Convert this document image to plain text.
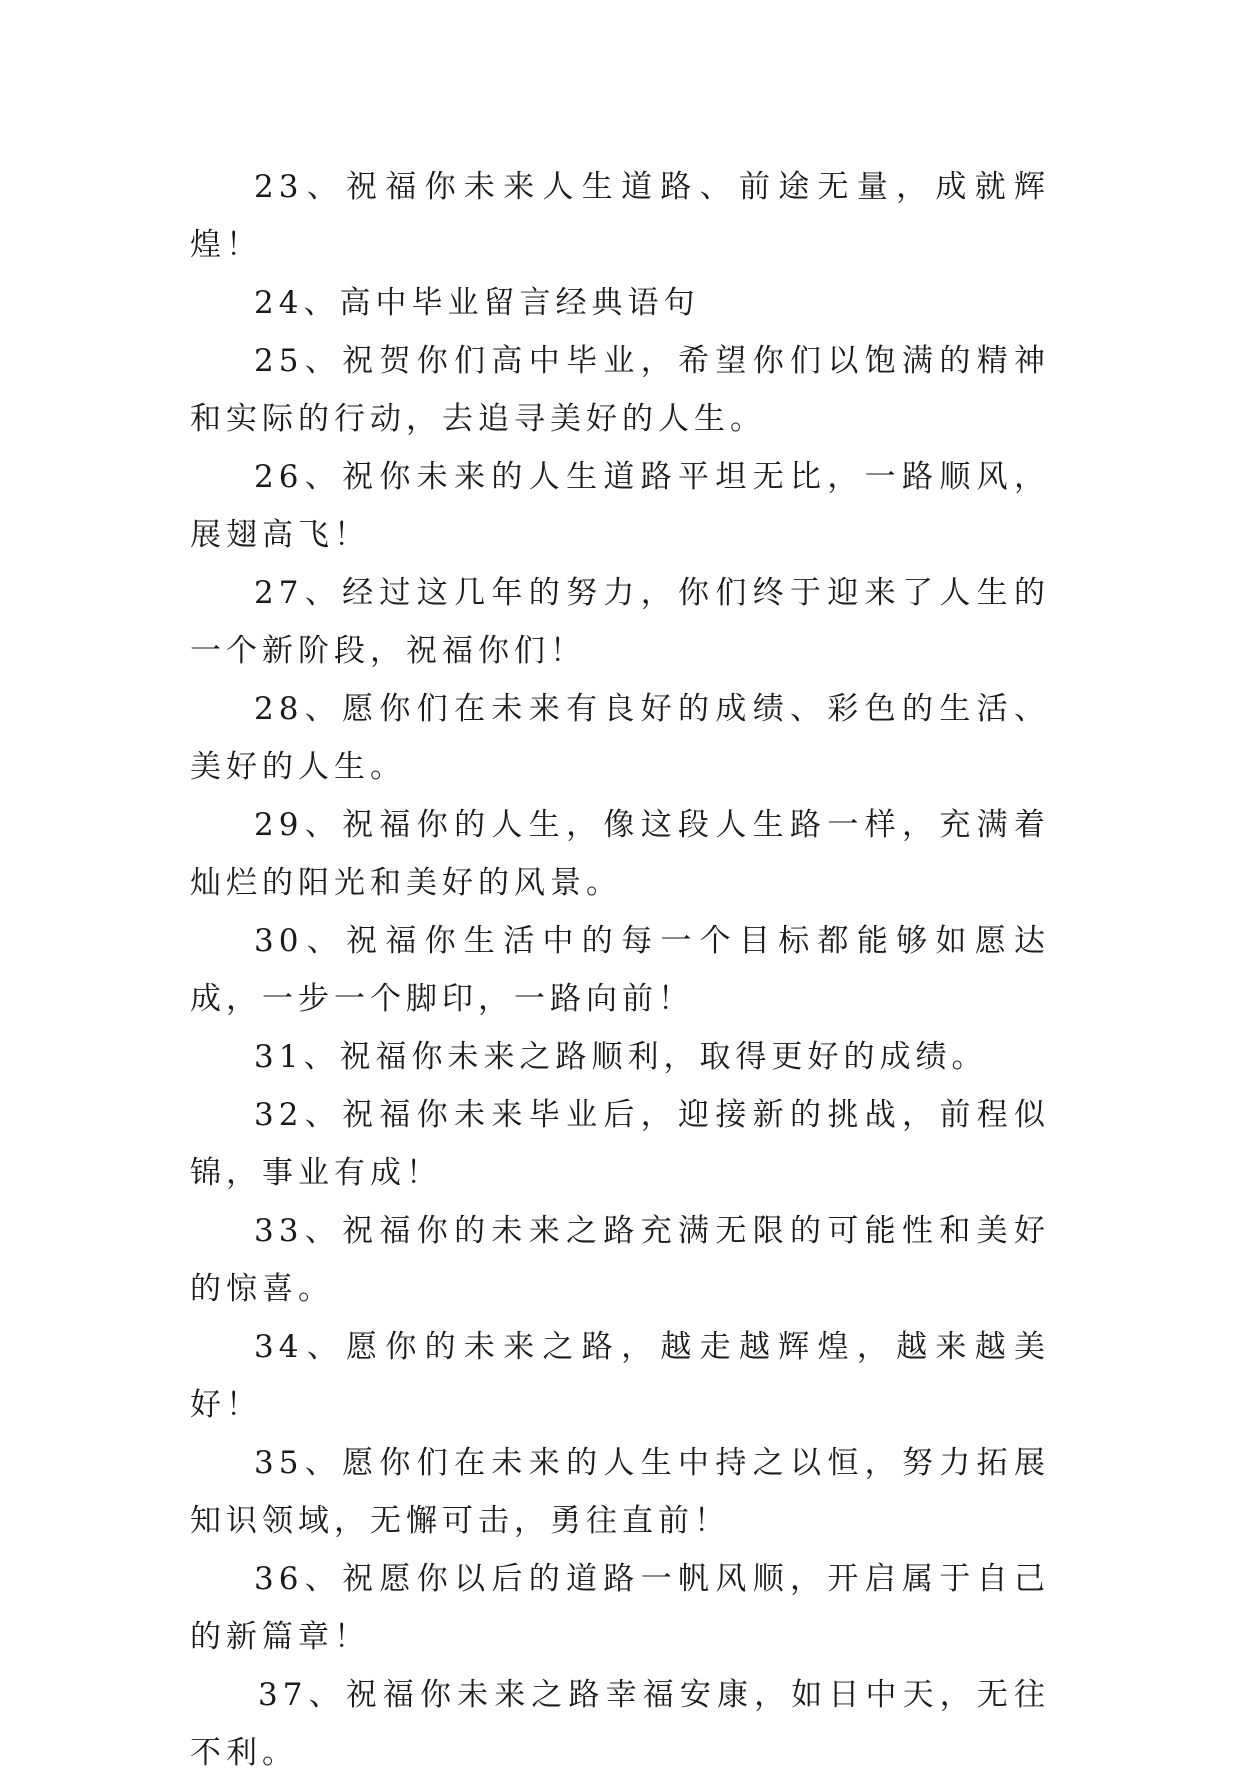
23、祝福你未来人生道路、前途无量，成就辉煌！

24、高中毕业留言经典语句

25、祝贺你们高中毕业，希望你们以饱满的精神和实际的行动，去追寻美好的人生。

26、祝你未来的人生道路平坦无比，一路顺风，展翅高飞！

27、经过这几年的努力，你们终于迎来了人生的一个新阶段，祝福你们！

28、愿你们在未来有良好的成绩、彩色的生活、美好的人生。

29、祝福你的人生，像这段人生路一样，充满着灿烂的阳光和美好的风景。

30、祝福你生活中的每一个目标都能够如愿达成，一步一个脚印，一路向前！

31、祝福你未来之路顺利，取得更好的成绩。

32、祝福你未来毕业后，迎接新的挑战，前程似锦，事业有成！

33、祝福你的未来之路充满无限的可能性和美好的惊喜。

34、愿你的未来之路，越走越辉煌，越来越美好！

35、愿你们在未来的人生中持之以恒，努力拓展知识领域，无懈可击，勇往直前！

36、祝愿你以后的道路一帆风顺，开启属于自己的新篇章！

37、祝福你未来之路幸福安康，如日中天，无往不利。
